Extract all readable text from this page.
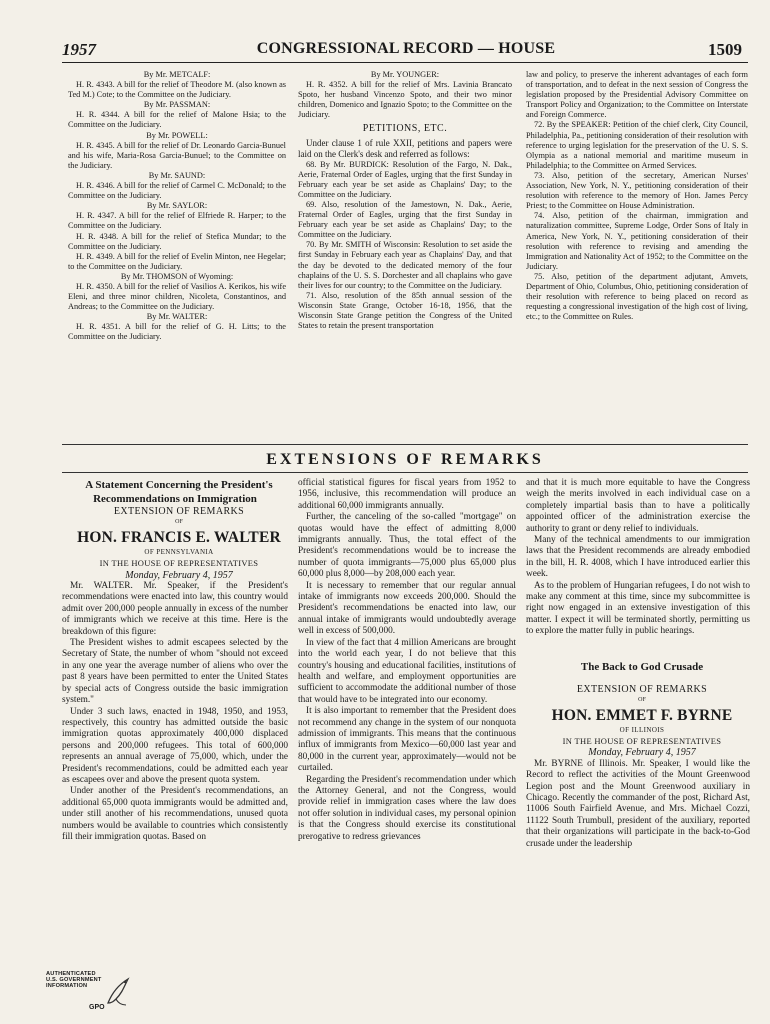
1957	CONGRESSIONAL RECORD — HOUSE	1509

By Mr. METCALF:

H. R. 4343. A bill for the relief of Theodore M. (also known as Ted M.) Cote; to the Committee on the Judiciary.

By Mr. PASSMAN:

H. R. 4344. A bill for the relief of Malone Hsia; to the Committee on the Judiciary.

By Mr. POWELL:

H. R. 4345. A bill for the relief of Dr. Leonardo Garcia-Bunuel and his wife, Maria-Rosa Garcia-Bunuel; to the Committee on the Judiciary.

By Mr. SAUND:

H. R. 4346. A bill for the relief of Carmel C. McDonald; to the Committee on the Judiciary.

By Mr. SAYLOR:

H. R. 4347. A bill for the relief of Elfriede R. Harper; to the Committee on the Judiciary.

H. R. 4348. A bill for the relief of Stefica Mundar; to the Committee on the Judiciary.

H. R. 4349. A bill for the relief of Evelin Minton, nee Hegelar; to the Committee on the Judiciary.

By Mr. THOMSON of Wyoming:

H. R. 4350. A bill for the relief of Vasilios A. Kerikos, his wife Eleni, and three minor children, Nicoleta, Constantinos, and Andreas; to the Committee on the Judiciary.

By Mr. WALTER:

H. R. 4351. A bill for the relief of G. H. Litts; to the Committee on the Judiciary.

By Mr. YOUNGER:

H. R. 4352. A bill for the relief of Mrs. Lavinia Brancato Spoto, her husband Vincenzo Spoto, and their two minor children, Domenico and Ignazio Spoto; to the Committee on the Judiciary.

PETITIONS, ETC.

Under clause 1 of rule XXII, petitions and papers were laid on the Clerk's desk and referred as follows:

68. By Mr. BURDICK: Resolution of the Fargo, N. Dak., Aerie, Fraternal Order of Eagles, urging that the first Sunday in February each year be set aside as Chaplains' Day; to the Committee on the Judiciary.

69. Also, resolution of the Jamestown, N. Dak., Aerie, Fraternal Order of Eagles, urging that the first Sunday in February each year be set aside as Chaplains' Day; to the Committee on the Judiciary.

70. By Mr. SMITH of Wisconsin: Resolution to set aside the first Sunday in February each year as Chaplains' Day, and that the day be devoted to the dedicated memory of the four chaplains of the U. S. S. Dorchester and all chaplains who gave their lives for our country; to the Committee on the Judiciary.

71. Also, resolution of the 85th annual session of the Wisconsin State Grange, October 16-18, 1956, that the Wisconsin State Grange petition the Congress of the United States to retain the present transportation

law and policy, to preserve the inherent advantages of each form of transportation, and to defeat in the next session of Congress the legislation proposed by the Presidential Advisory Committee on Transport Policy and Organization; to the Committee on Interstate and Foreign Commerce.

72. By the SPEAKER: Petition of the chief clerk, City Council, Philadelphia, Pa., petitioning consideration of their resolution with reference to urging legislation for the preservation of the U. S. S. Olympia as a national memorial and maritime museum in Philadelphia; to the Committee on Armed Services.

73. Also, petition of the secretary, American Nurses' Association, New York, N. Y., petitioning consideration of their resolution with reference to the memory of Hon. James Percy Priest; to the Committee on House Administration.

74. Also, petition of the chairman, immigration and naturalization committee, Supreme Lodge, Order Sons of Italy in America, New York, N. Y., petitioning consideration of their resolution with reference to revising and amending the Immigration and Nationality Act of 1952; to the Committee on the Judiciary.

75. Also, petition of the department adjutant, Amvets, Department of Ohio, Columbus, Ohio, petitioning consideration of their resolution with reference to being placed on record as requesting a congressional investigation of the high cost of living, etc.; to the Committee on Rules.

EXTENSIONS OF REMARKS

A Statement Concerning the President's Recommendations on Immigration

EXTENSION OF REMARKS

OF

HON. FRANCIS E. WALTER

OF PENNSYLVANIA

IN THE HOUSE OF REPRESENTATIVES

Monday, February 4, 1957

Mr. WALTER. Mr. Speaker, if the President's recommendations were enacted into law, this country would admit over 200,000 people annually in excess of the number of immigrants which we receive at this time. Here is the breakdown of this figure:

The President wishes to admit escapees selected by the Secretary of State, the number of whom "should not exceed in any one year the average number of aliens who over the past 8 years have been permitted to enter the United States by special acts of Congress outside the basic immigration system."

Under 3 such laws, enacted in 1948, 1950, and 1953, respectively, this country has admitted outside the basic immigration quotas approximately 400,000 displaced persons and 200,000 refugees. This total of 600,000 represents an annual average of 75,000, which, under the President's recommendations, could be admitted each year as escapees over and above the present quota system.

Under another of the President's recommendations, an additional 65,000 quota immigrants would be admitted and, under still another of his recommendations, unused quota numbers would be available to countries which consistently fill their immigration quotas. Based on

official statistical figures for fiscal years from 1952 to 1956, inclusive, this recommendation will produce an additional 60,000 immigrants annually.

Further, the canceling of the so-called "mortgage" on quotas would have the effect of admitting 8,000 immigrants annually. Thus, the total effect of the President's recommendations would be to increase the number of quota immigrants—75,000 plus 65,000 plus 60,000 plus 8,000—by 208,000 each year.

It is necessary to remember that our regular annual intake of immigrants now exceeds 200,000. Should the President's recommendations be enacted into law, our annual intake of immigrants would undoubtedly average well in excess of 500,000.

In view of the fact that 4 million Americans are brought into the world each year, I do not believe that this country's housing and educational facilities, institutions of health and welfare, and employment opportunities are sufficient to accommodate the additional number of those that would have to be integrated into our economy.

It is also important to remember that the President does not recommend any change in the system of our nonquota admission of immigrants. This means that the continuous influx of immigrants from Mexico—60,000 last year and 80,000 in the current year, approximately—would not be curtailed.

Regarding the President's recommendation under which the Attorney General, and not the Congress, would provide relief in immigration cases where the law does not offer solution in individual cases, my personal opinion is that the Congress should exercise its constitutional prerogative to redress grievances

and that it is much more equitable to have the Congress weigh the merits involved in each individual case on a completely impartial basis than to have a politically appointed officer of the administration exercise the authority to grant or deny relief to individuals.

Many of the technical amendments to our immigration laws that the President recommends are already embodied in the bill, H. R. 4008, which I have introduced earlier this week.

As to the problem of Hungarian refugees, I do not wish to make any comment at this time, since my subcommittee is right now engaged in an extensive investigation of this matter. I expect it will be terminated shortly, permitting us to explore the matter fully in public hearings.

The Back to God Crusade

EXTENSION OF REMARKS

OF

HON. EMMET F. BYRNE

OF ILLINOIS

IN THE HOUSE OF REPRESENTATIVES

Monday, February 4, 1957

Mr. BYRNE of Illinois. Mr. Speaker, I would like the Record to reflect the activities of the Mount Greenwood Legion post and the Mount Greenwood auxiliary in Chicago. Recently the commander of the post, Richard Ast, 11006 South Fairfield Avenue, and Mrs. Michael Cozzi, 11122 South Trumbull, president of the auxiliary, reported that their organizations will participate in the back-to-God crusade under the leadership

AUTHENTICATED
U.S. GOVERNMENT
INFORMATION
GPO
